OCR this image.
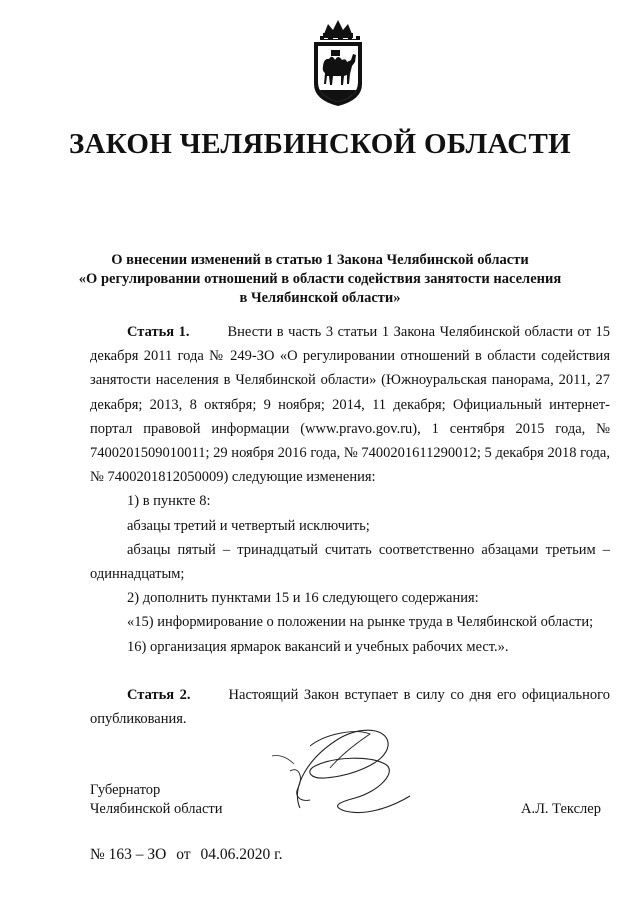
ЗАКОН ЧЕЛЯБИНСКОЙ ОБЛАСТИ
О внесении изменений в статью 1 Закона Челябинской области
«О регулировании отношений в области содействия занятости населения
в Челябинской области»

Статья 1.	Внести в часть 3 статьи 1 Закона Челябинской области от 15 декабря 2011 года № 249-ЗО «О регулировании отношений в области содействия занятости населения в Челябинской области» (Южноуральская панорама, 2011, 27 декабря; 2013, 8 октября; 9 ноября; 2014, 11 декабря; Официальный интернет-портал правовой информации (www.pravo.gov.ru), 1 сентября 2015 года, № 7400201509010011; 29 ноября 2016 года, № 7400201611290012; 5 декабря 2018 года, № 7400201812050009) следующие изменения:

1) в пункте 8:

абзацы третий и четвертый исключить;

абзацы пятый – тринадцатый считать соответственно абзацами третьим – одиннадцатым;

2) дополнить пунктами 15 и 16 следующего содержания:

«15) информирование о положении на рынке труда в Челябинской области;

16) организация ярмарок вакансий и учебных рабочих мест.».

Статья 2.	Настоящий Закон вступает в силу со дня его официального опубликования.

Губернатор
Челябинской области	А.Л. Текслер
№ 163 – ЗО от 04.06.2020 г.
